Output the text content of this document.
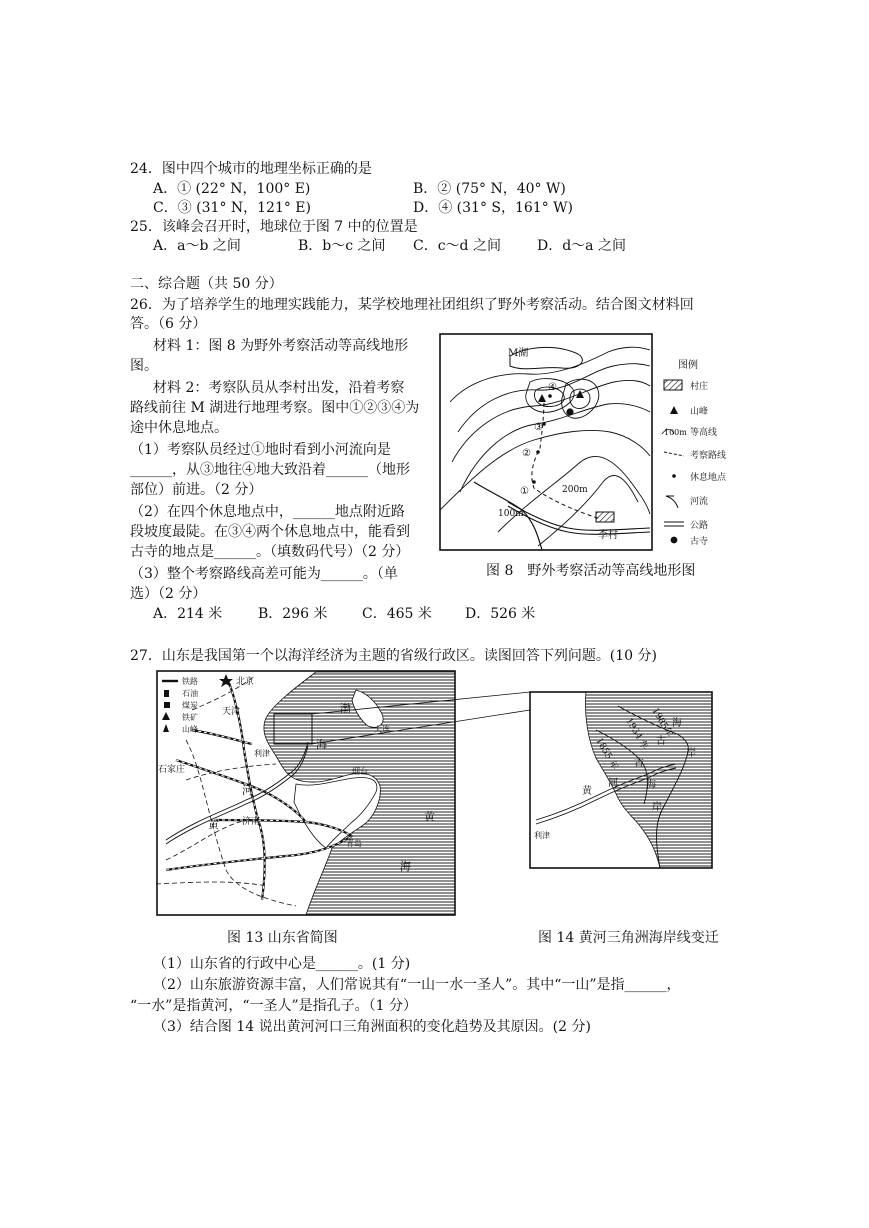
24．图中四个城市的地理坐标正确的是
A．① (22° N，100° E)	B．② (75° N，40° W)
C．③ (31° N，121° E)	D．④ (31° S，161° W)
25．该峰会召开时，地球位于图 7 中的位置是
A．a～b 之间	B．b～c 之间 C．c～d 之间	D．d～a 之间
二、综合题（共 50 分）
26．为了培养学生的地理实践能力，某学校地理社团组织了野外考察活动。结合图文材料回
答。（6 分）
材料 1：图 8 为野外考察活动等高线地形
图。
材料 2：考察队员从李村出发，沿着考察
路线前往 M 湖进行地理考察。图中①②③④为
途中休息地点。
（1）考察队员经过①地时看到小河流向是
______，从③地往④地大致沿着______（地形
部位）前进。（2 分）
（2）在四个休息地点中，______地点附近路
段坡度最陡。在③④两个休息地点中，能看到
古寺的地点是______。（填数码代号）（2 分）
（3）整个考察路线高差可能为______。（单
选）（2 分）
A．214 米	B．296 米 C．465 米 D．526 米
M湖
④
③
②
①	200m
100m
李村
图例
村庄
山峰
100m 等高线
考察路线
休息地点
河流
公路
古寺
图 8　野外考察活动等高线地形图
27．山东是我国第一个以海洋经济为主题的省级行政区。读图回答下列问题。(10 分)
铁路
石油
煤炭
铁矿
山峰
北京
天津
石家庄
大连
利津
烟台
济南
青岛
渤
海
黄
海
河
黄
1985年
1934 年
1855 年	古
古
海
海
岸
岸
黄
河
利津
图 13 山东省简图	图 14 黄河三角洲海岸线变迁
（1）山东省的行政中心是______。(1 分)
（2）山东旅游资源丰富，人们常说其有“一山一水一圣人”。其中“一山”是指______，
“一水”是指黄河，“一圣人”是指孔子。（1 分）
（3）结合图 14 说出黄河河口三角洲面积的变化趋势及其原因。(2 分)
